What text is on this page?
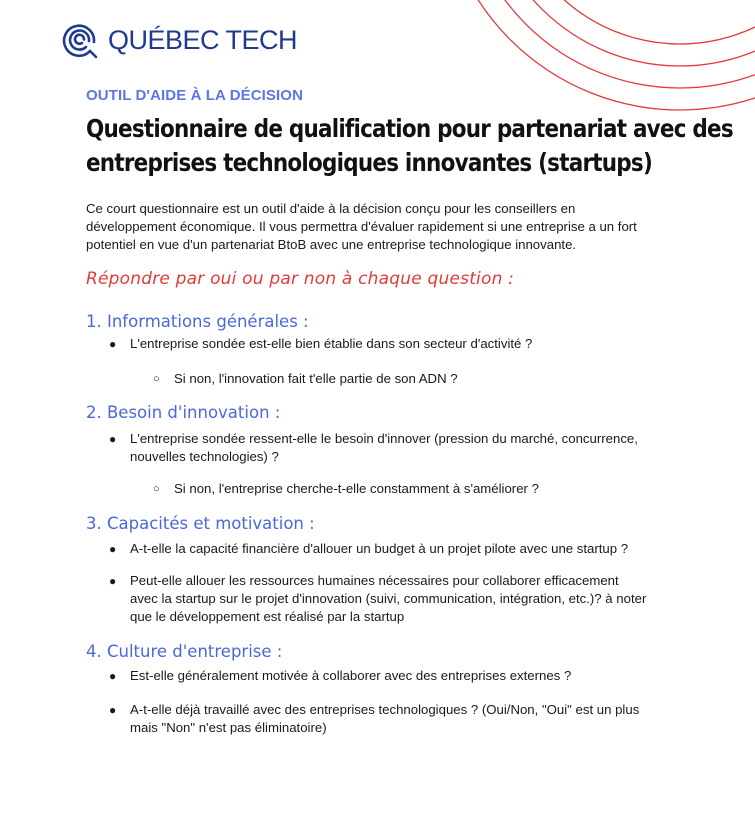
QUÉBEC TECH
OUTIL D'AIDE À LA DÉCISION
Questionnaire de qualification pour partenariat avec des
entreprises technologiques innovantes (startups)
Ce court questionnaire est un outil d'aide à la décision conçu pour les conseillers en
développement économique. Il vous permettra d'évaluer rapidement si une entreprise a un fort
potentiel en vue d'un partenariat BtoB avec une entreprise technologique innovante.
Répondre par oui ou par non à chaque question :
1. Informations générales :
● L'entreprise sondée est-elle bien établie dans son secteur d'activité ?
○ Si non, l'innovation fait t'elle partie de son ADN ?
2. Besoin d'innovation :
● L'entreprise sondée ressent-elle le besoin d'innover (pression du marché, concurrence,
nouvelles technologies) ?
○ Si non, l'entreprise cherche-t-elle constamment à s'améliorer ?
3. Capacités et motivation :
● A-t-elle la capacité financière d'allouer un budget à un projet pilote avec une startup ?
● Peut-elle allouer les ressources humaines nécessaires pour collaborer efficacement
avec la startup sur le projet d'innovation (suivi, communication, intégration, etc.)? à noter
que le développement est réalisé par la startup
4. Culture d'entreprise :
● Est-elle généralement motivée à collaborer avec des entreprises externes ?
● A-t-elle déjà travaillé avec des entreprises technologiques ? (Oui/Non, "Oui" est un plus
mais "Non" n'est pas éliminatoire)
